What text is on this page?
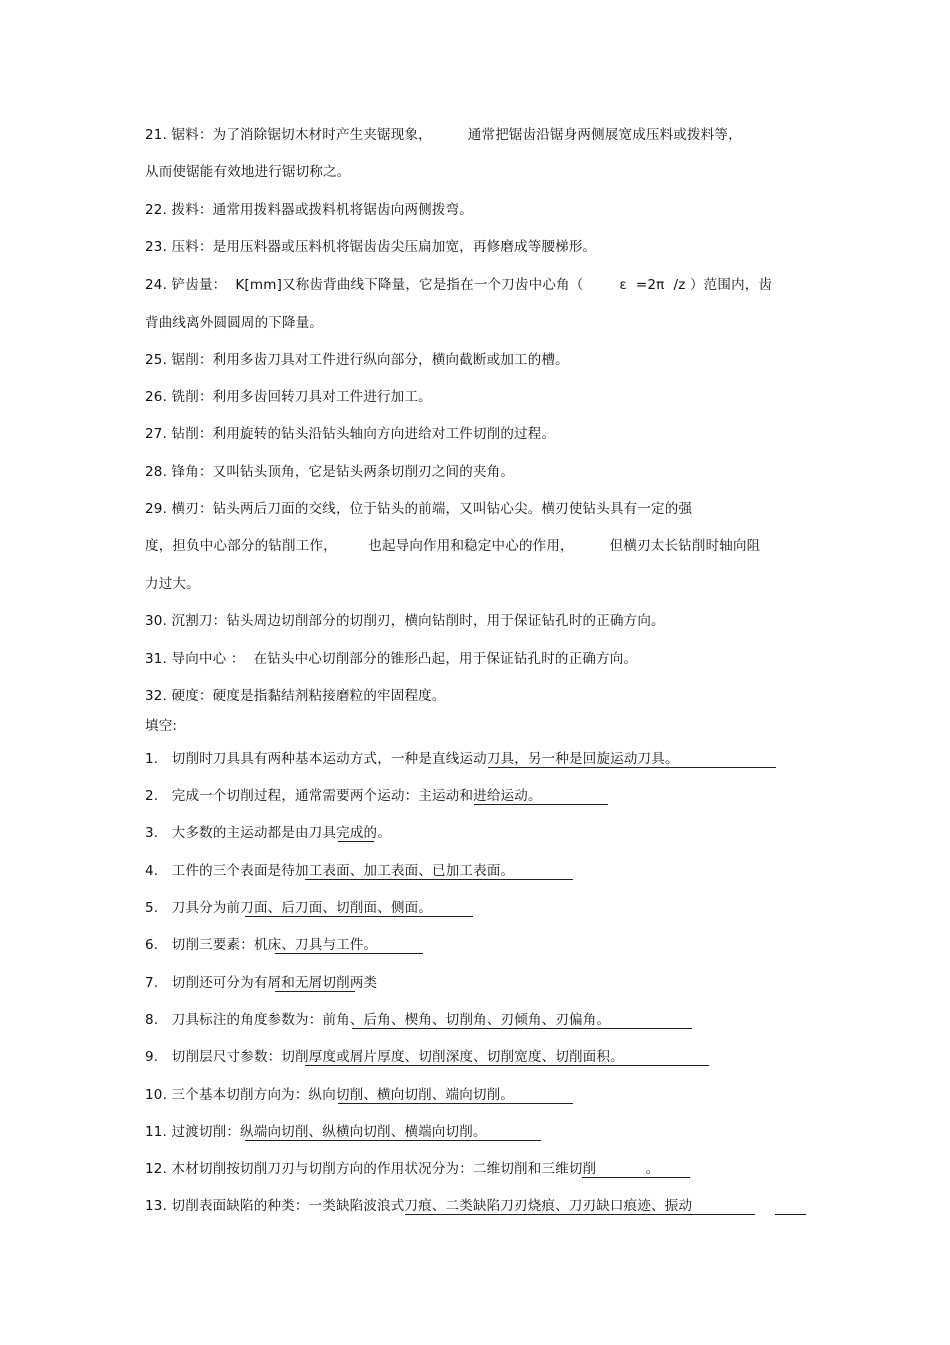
21. 锯料：为了消除锯切木材时产生夹锯现象，        通常把锯齿沿锯身两侧展宽成压料或拨料等，
从而使锯能有效地进行锯切称之。
22. 拨料：通常用拨料器或拨料机将锯齿向两侧拨弯。
23. 压料：是用压料器或压料机将锯齿齿尖压扁加宽，再修磨成等腰梯形。
24. 铲齿量：  K[mm]又称齿背曲线下降量，它是指在一个刀齿中心角（        ε  =2π  /z ）范围内，齿
背曲线离外圆圆周的下降量。
25. 锯削：利用多齿刀具对工件进行纵向部分，横向截断或加工的槽。
26. 铣削：利用多齿回转刀具对工件进行加工。
27. 钻削：利用旋转的钻头沿钻头轴向方向进给对工件切削的过程。
28. 锋角：又叫钻头顶角，它是钻头两条切削刃之间的夹角。
29. 横刃：钻头两后刀面的交线，位于钻头的前端，又叫钻心尖。横刃使钻头具有一定的强
度，担负中心部分的钻削工作，       也起导向作用和稳定中心的作用，        但横刃太长钻削时轴向阻
力过大。
30. 沉割刀：钻头周边切削部分的切削刃，横向钻削时，用于保证钻孔时的正确方向。
31. 导向中心 ：  在钻头中心切削部分的锥形凸起，用于保证钻孔时的正确方向。
32. 硬度：硬度是指黏结剂粘接磨粒的牢固程度。
填空:
1.   切削时刀具具有两种基本运动方式，一种是直线运动刀具，另一种是回旋运动刀具。
2.   完成一个切削过程，通常需要两个运动：主运动和进给运动。
3.   大多数的主运动都是由刀具完成的。
4.   工件的三个表面是待加工表面、加工表面、已加工表面。
5.   刀具分为前刀面、后刀面、切削面、侧面。
6.   切削三要素：机床、刀具与工件。
7.   切削还可分为有屑和无屑切削两类
8.   刀具标注的角度参数为：前角、后角、楔角、切削角、刃倾角、刃偏角。
9.   切削层尺寸参数：切削厚度或屑片厚度、切削深度、切削宽度、切削面积。
10. 三个基本切削方向为：纵向切削、横向切削、端向切削。
11. 过渡切削：纵端向切削、纵横向切削、横端向切削。
12. 木材切削按切削刀刃与切削方向的作用状况分为：二维切削和三维切削           。
13. 切削表面缺陷的种类：一类缺陷波浪式刀痕、二类缺陷刀刃烧痕、刀刃缺口痕迹、振动
